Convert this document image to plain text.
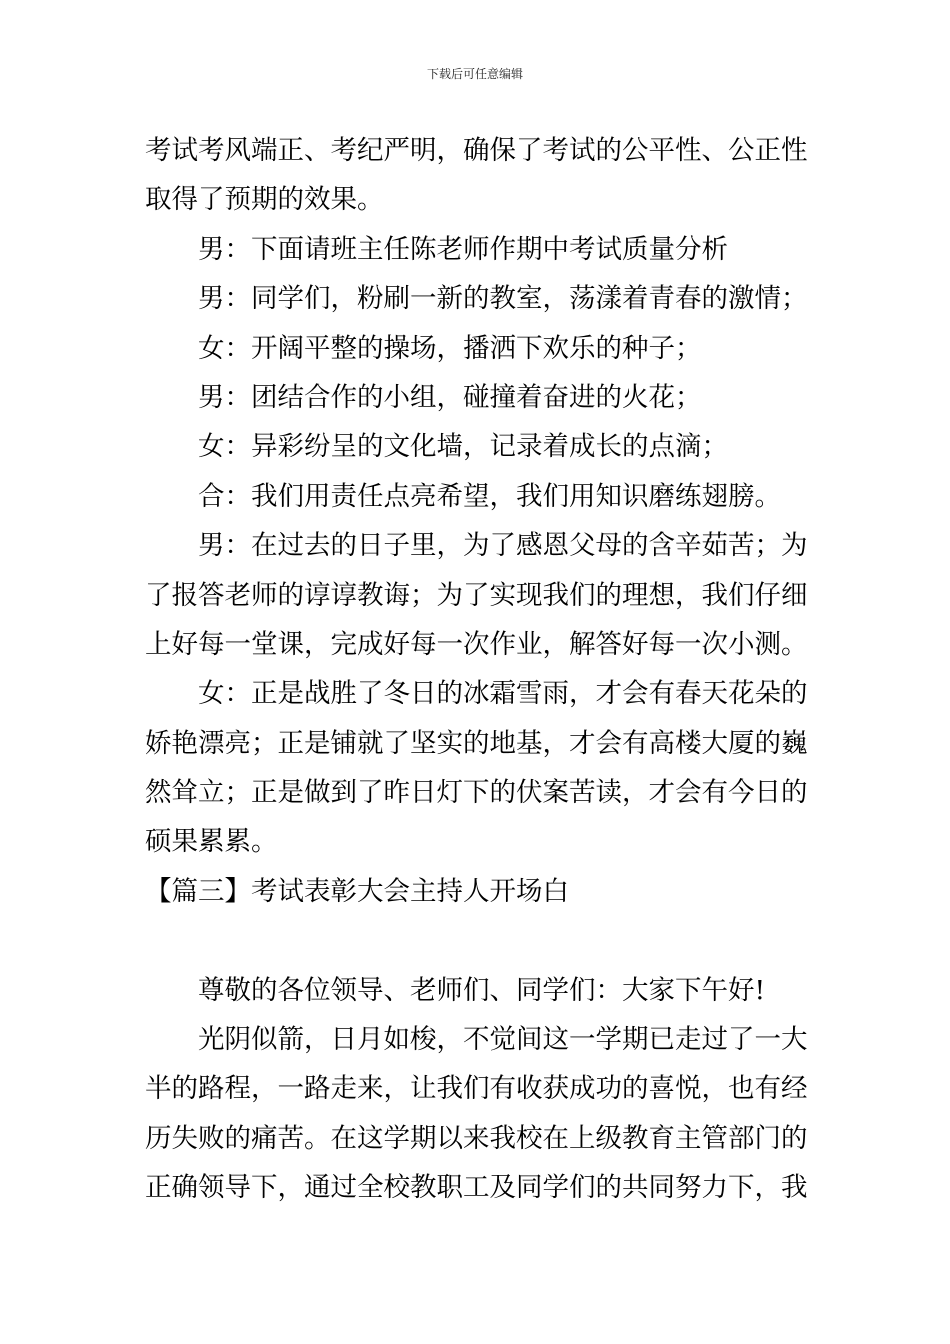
下载后可任意编辑
考试考风端正、考纪严明，确保了考试的公平性、公正性
取得了预期的效果。
男：下面请班主任陈老师作期中考试质量分析
男：同学们，粉刷一新的教室，荡漾着青春的激情；
女：开阔平整的操场，播洒下欢乐的种子；
男：团结合作的小组，碰撞着奋进的火花；
女：异彩纷呈的文化墙，记录着成长的点滴；
合：我们用责任点亮希望，我们用知识磨练翅膀。
男：在过去的日子里，为了感恩父母的含辛茹苦；为
了报答老师的谆谆教诲；为了实现我们的理想，我们仔细
上好每一堂课，完成好每一次作业，解答好每一次小测。
女：正是战胜了冬日的冰霜雪雨，才会有春天花朵的
娇艳漂亮；正是铺就了坚实的地基，才会有高楼大厦的巍
然耸立；正是做到了昨日灯下的伏案苦读，才会有今日的
硕果累累。
【篇三】考试表彰大会主持人开场白
尊敬的各位领导、老师们、同学们：大家下午好!
光阴似箭，日月如梭，不觉间这一学期已走过了一大
半的路程，一路走来，让我们有收获成功的喜悦，也有经
历失败的痛苦。在这学期以来我校在上级教育主管部门的
正确领导下，通过全校教职工及同学们的共同努力下，我
